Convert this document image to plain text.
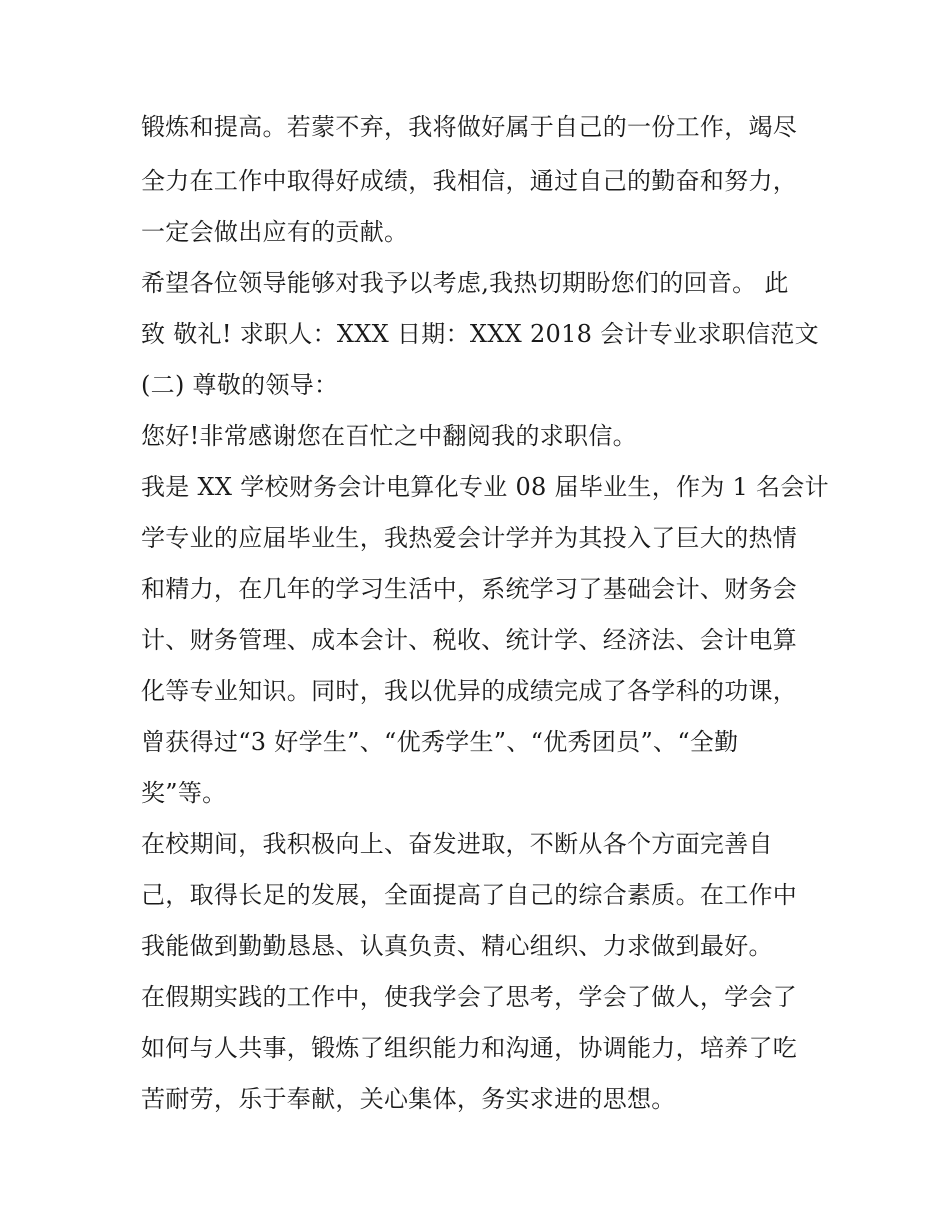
锻炼和提高。若蒙不弃，我将做好属于自己的一份工作，竭尽
全力在工作中取得好成绩，我相信，通过自己的勤奋和努力，
一定会做出应有的贡献。
希望各位领导能够对我予以考虑,我热切期盼您们的回音。 此
致 敬礼! 求职人：XXX 日期：XXX 2018 会计专业求职信范文
(二) 尊敬的领导：
您好!非常感谢您在百忙之中翻阅我的求职信。
我是 XX 学校财务会计电算化专业 08 届毕业生，作为 1 名会计
学专业的应届毕业生，我热爱会计学并为其投入了巨大的热情
和精力，在几年的学习生活中，系统学习了基础会计、财务会
计、财务管理、成本会计、税收、统计学、经济法、会计电算
化等专业知识。同时，我以优异的成绩完成了各学科的功课，
曾获得过“3 好学生”、“优秀学生”、“优秀团员”、“全勤
奖”等。
在校期间，我积极向上、奋发进取，不断从各个方面完善自
己，取得长足的发展，全面提高了自己的综合素质。在工作中
我能做到勤勤恳恳、认真负责、精心组织、力求做到最好。
在假期实践的工作中，使我学会了思考，学会了做人，学会了
如何与人共事，锻炼了组织能力和沟通，协调能力，培养了吃
苦耐劳，乐于奉献，关心集体，务实求进的思想。
